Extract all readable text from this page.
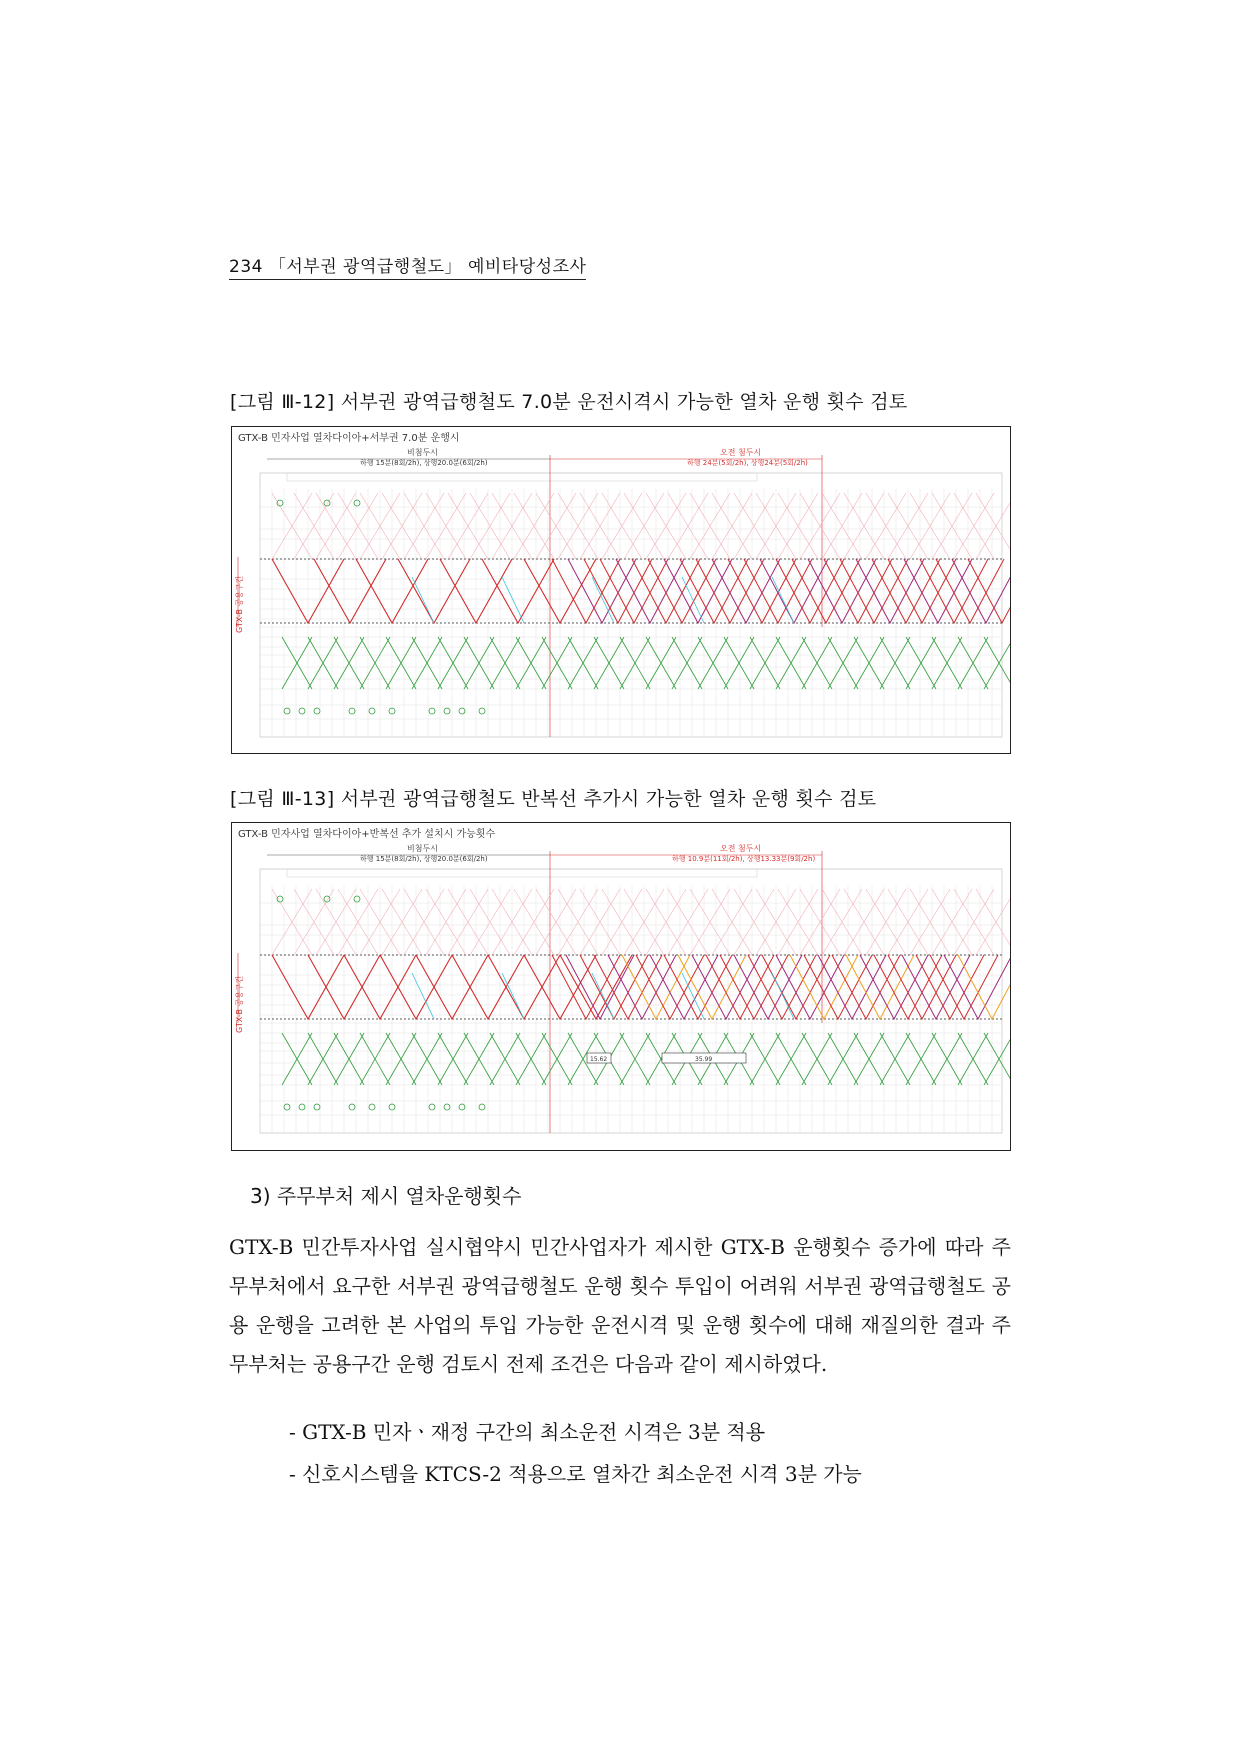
234 「서부권 광역급행철도」 예비타당성조사
[그림 Ⅲ-12] 서부권 광역급행철도 7.0분 운전시격시 가능한 열차 운행 횟수 검토
GTX-B 민자사업 열차다이아+서부권 7.0분 운행시
비첨두시
하행 15분(8회/2h), 상행20.0분(6회/2h)
오전 첨두시
하행 24분(5회/2h), 상행24분(5회/2h)
GTX-B 공용구간
[그림 Ⅲ-13] 서부권 광역급행철도 반복선 추가시 가능한 열차 운행 횟수 검토
GTX-B 민자사업 열차다이아+반복선 추가 설치시 가능횟수
비첨두시
하행 15분(8회/2h), 상행20.0분(6회/2h)
오전 첨두시
하행 10.9분(11회/2h), 상행13.33분(9회/2h)
GTX-B 공용구간
15.62	35.99
3) 주무부처 제시 열차운행횟수
GTX-B 민간투자사업 실시협약시 민간사업자가 제시한 GTX-B 운행횟수 증가에 따라 주무부처에서 요구한 서부권 광역급행철도 운행 횟수 투입이 어려워 서부권 광역급행철도 공용 운행을 고려한 본 사업의 투입 가능한 운전시격 및 운행 횟수에 대해 재질의한 결과 주무부처는 공용구간 운행 검토시 전제 조건은 다음과 같이 제시하였다.
- GTX-B 민자ㆍ재정 구간의 최소운전 시격은 3분 적용
- 신호시스템을 KTCS-2 적용으로 열차간 최소운전 시격 3분 가능
